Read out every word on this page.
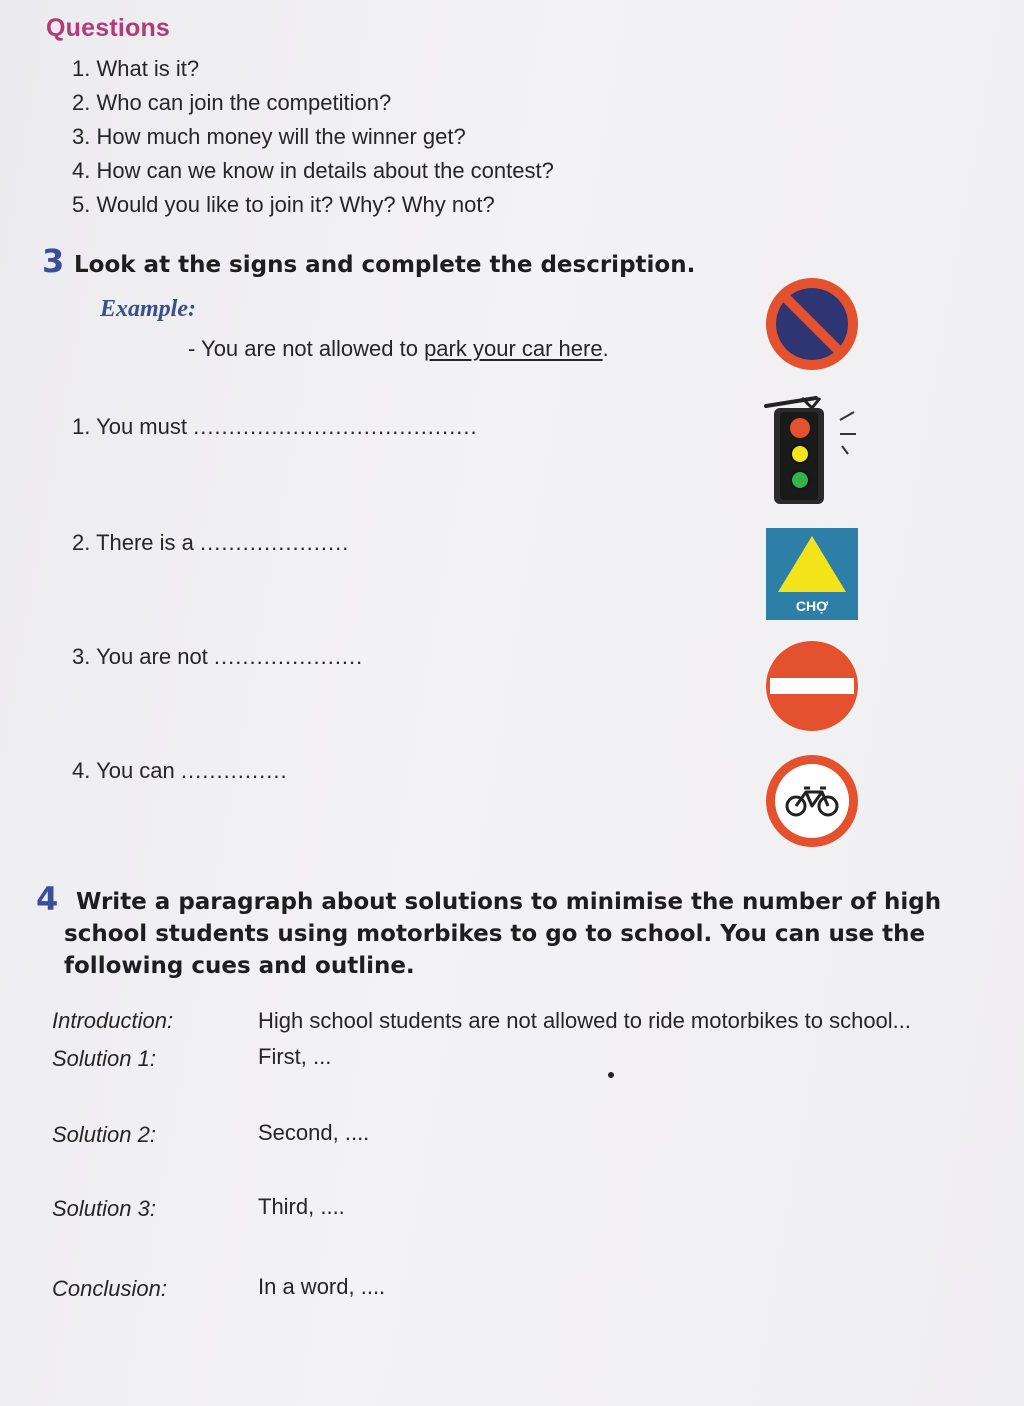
Questions
1. What is it?
2. Who can join the competition?
3. How much money will the winner get?
4. How can we know in details about the contest?
5. Would you like to join it? Why? Why not?
3 Look at the signs and complete the description.
Example:
- You are not allowed to park your car here.
1. You must ........................................
2. There is a .....................
3. You are not .....................
4. You can ...............
CHỢ
4 Write a paragraph about solutions to minimise the number of high school students using motorbikes to go to school. You can use the following cues and outline.
Introduction:	High school students are not allowed to ride motorbikes to school...
Solution 1:	First, ...
Solution 2:	Second, ....
Solution 3:	Third, ....
Conclusion:	In a word, ....
